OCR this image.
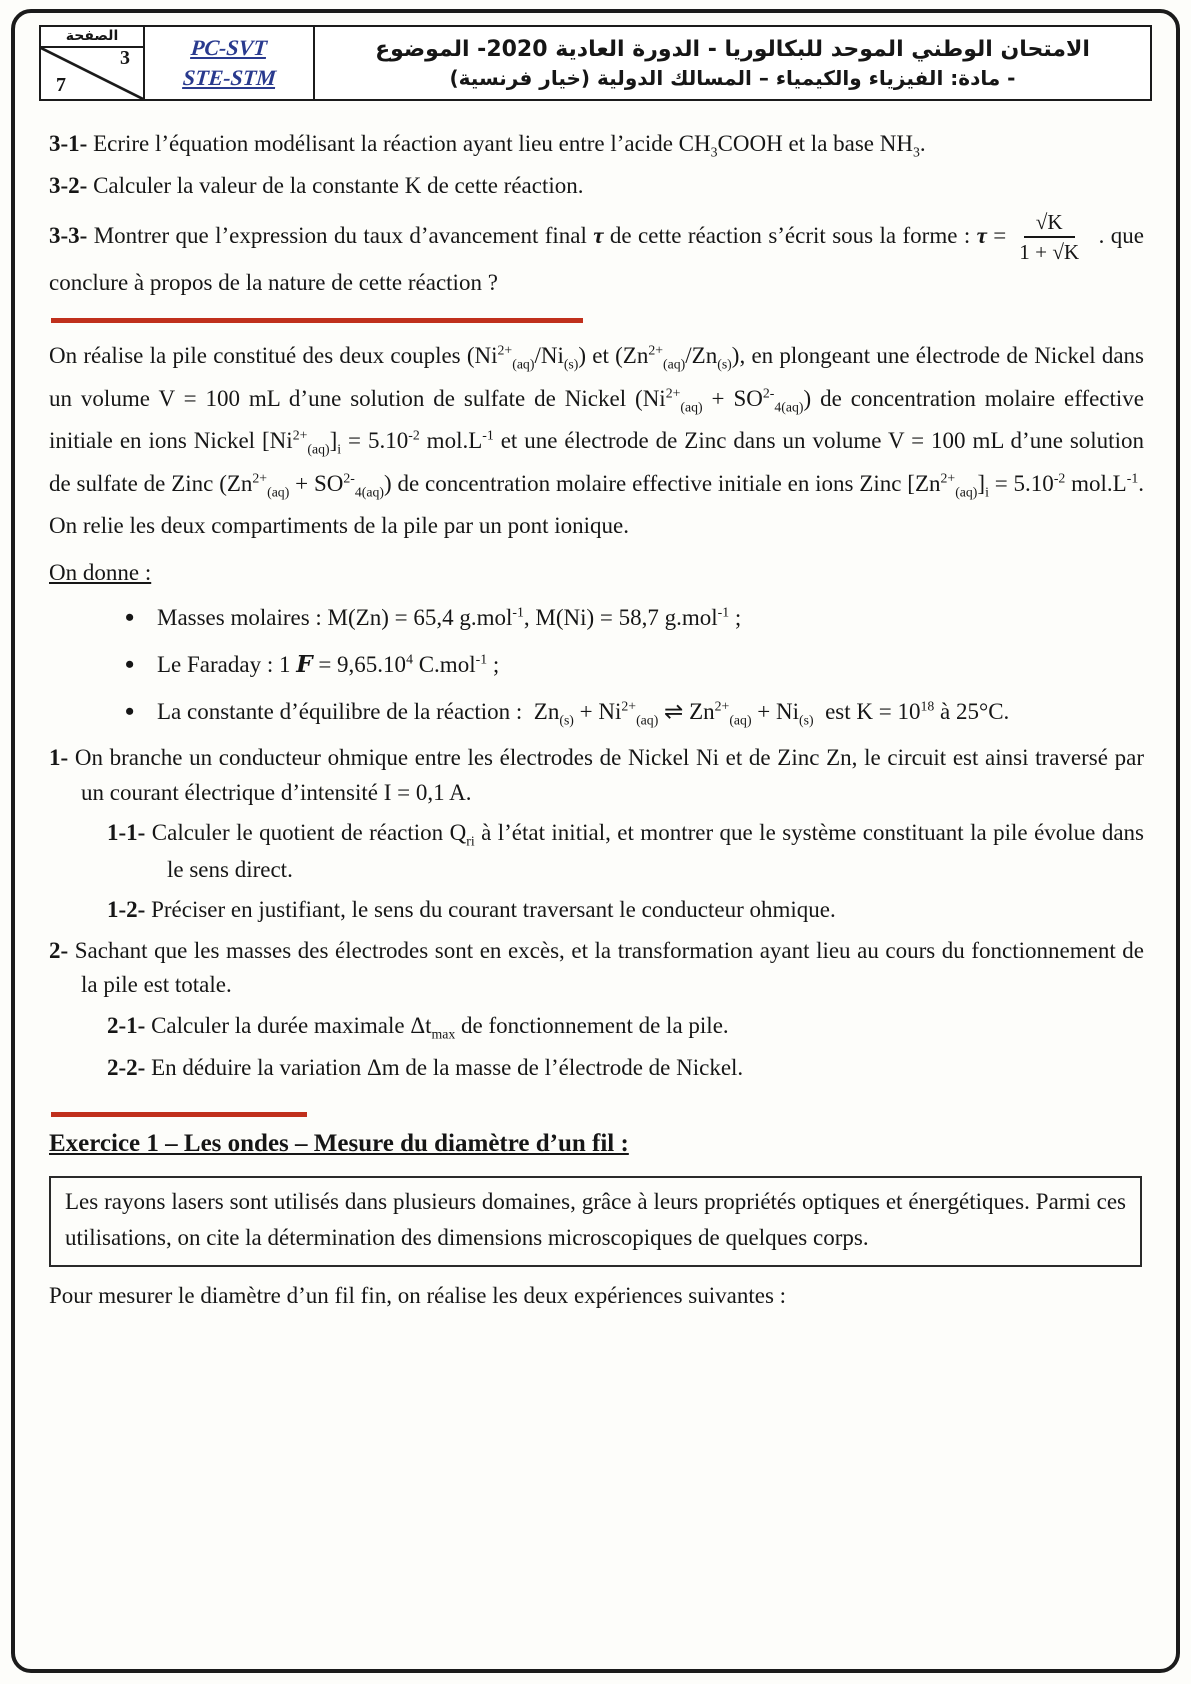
الصفحة
7
3	PC-SVT
STE-STM
الامتحان الوطني الموحد للبكالوريا - الدورة العادية 2020- الموضوع
- مادة: الفيزياء والكيمياء – المسالك الدولية (خيار فرنسية)

3-1- Ecrire l’équation modélisant la réaction ayant lieu entre l’acide $CH_3COOH$ et la base $NH_3$.

3-2- Calculer la valeur de la constante K de cette réaction.

3-3- Montrer que l’expression du taux d’avancement final τ de cette réaction s’écrit sous la forme : $\tau = \frac{√K}{1 + √K}$ . que conclure à propos de la nature de cette réaction ?

On réalise la pile constitué des deux couples $(Ni^{2+}_{(aq)}/Ni_{(s)})$ et $(Zn^{2+}_{(aq)}/Zn_{(s)})$, en plongeant une électrode de Nickel dans un volume V = 100 mL d’une solution de sulfate de Nickel $(Ni^{2+}_{(aq)} + SO^{2-}_{4(aq)})$ de concentration molaire effective initiale en ions Nickel $[Ni^{2+}_{(aq)}]_i = 5.10^{-2}$ $mol.L^{-1}$ et une électrode de Zinc dans un volume V = 100 mL d’une solution de sulfate de Zinc $(Zn^{2+}_{(aq)} + SO^{2-}_{4(aq)})$ de concentration molaire effective initiale en ions Zinc $[Zn^{2+}_{(aq)}]_i = 5.10^{-2}$ $mol.L^{-1}$. On relie les deux compartiments de la pile par un pont ionique.

On donne :

• Masses molaires : M(Zn) = 65,4 g.mol$^{-1}$, M(Ni) = 58,7 g.mol$^{-1}$ ;
• Le Faraday : 1 $F = 9,65.10^4$ C.mol$^{-1}$ ;
• La constante d’équilibre de la réaction :  $Zn_{(s)} + Ni^{2+}_{(aq)}$ ⇌ $Zn^{2+}_{(aq)} + Ni_{(s)}$  est $K = 10^{18}$ à 25°C.

1- On branche un conducteur ohmique entre les électrodes de Nickel Ni et de Zinc Zn, le circuit est ainsi traversé par un courant électrique d’intensité I = 0,1 A.

1-1- Calculer le quotient de réaction $Q_{ri}$ à l’état initial, et montrer que le système constituant la pile évolue dans le sens direct.

1-2- Préciser en justifiant, le sens du courant traversant le conducteur ohmique.

2- Sachant que les masses des électrodes sont en excès, et la transformation ayant lieu au cours du fonctionnement de la pile est totale.

2-1- Calculer la durée maximale $\Delta t_{max}$ de fonctionnement de la pile.

2-2- En déduire la variation Δm de la masse de l’électrode de Nickel.

Exercice 1 – Les ondes – Mesure du diamètre d’un fil :
Les rayons lasers sont utilisés dans plusieurs domaines, grâce à leurs propriétés optiques et énergétiques. Parmi ces utilisations, on cite la détermination des dimensions microscopiques de quelques corps.

Pour mesurer le diamètre d’un fil fin, on réalise les deux expériences suivantes :
